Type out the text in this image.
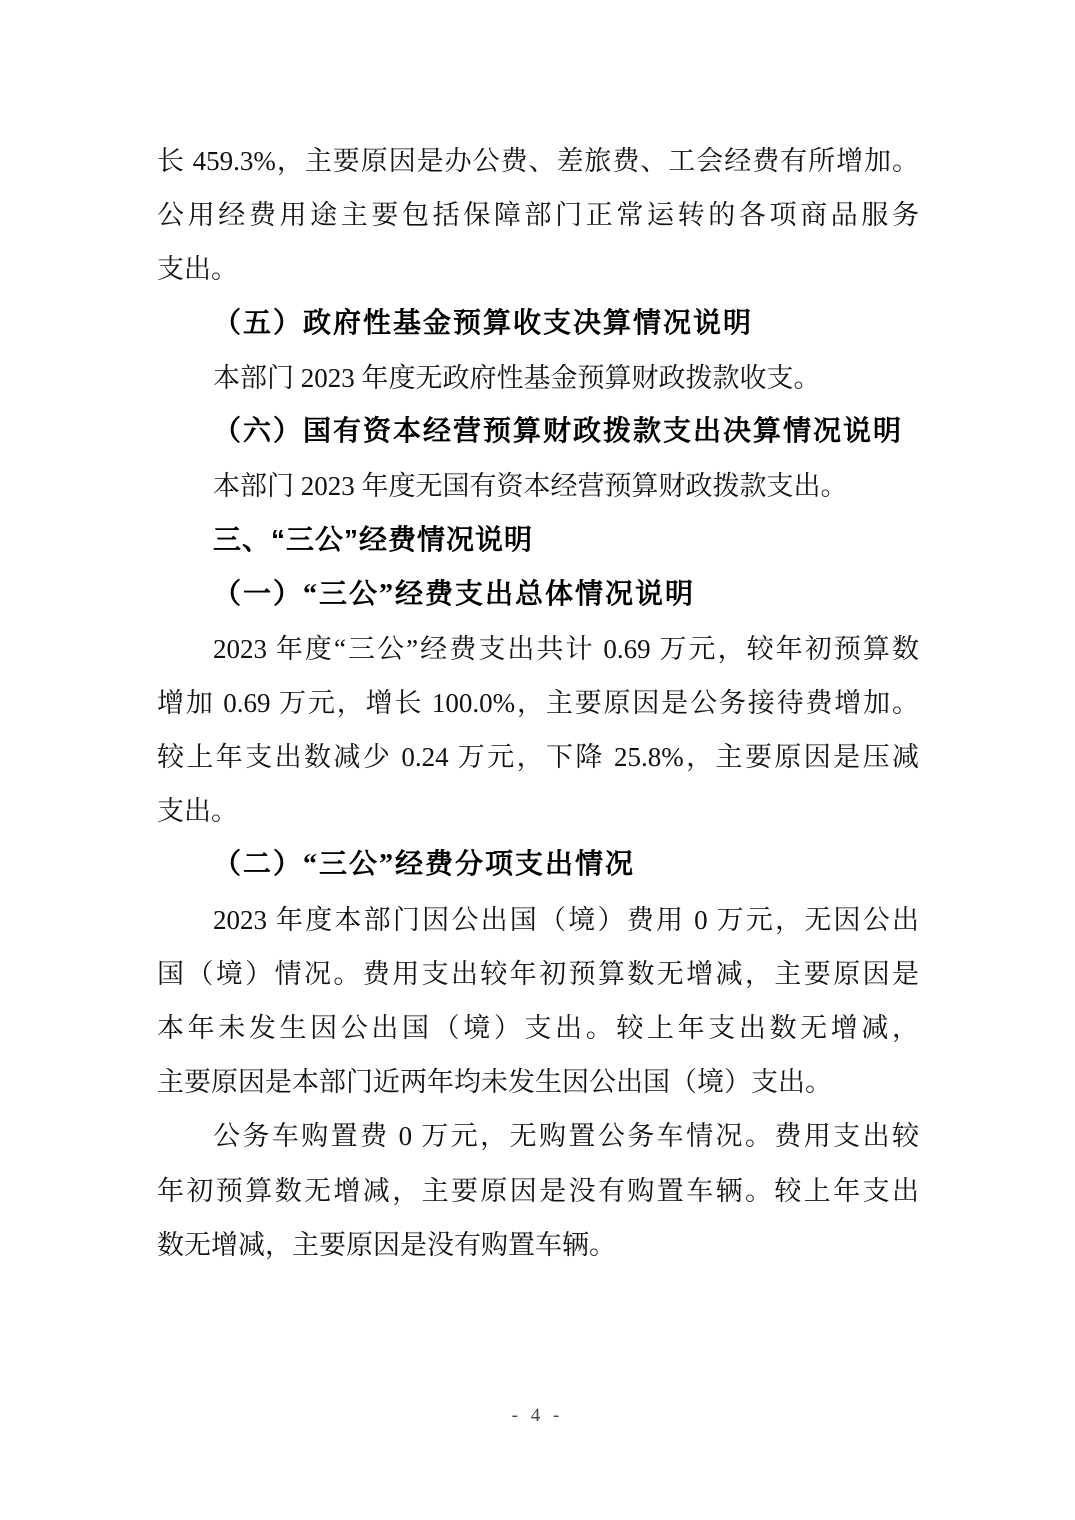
长 459.3%，主要原因是办公费、差旅费、工会经费有所增加。
公用经费用途主要包括保障部门正常运转的各项商品服务
支出。
（五）政府性基金预算收支决算情况说明
本部门 2023 年度无政府性基金预算财政拨款收支。
（六）国有资本经营预算财政拨款支出决算情况说明
本部门 2023 年度无国有资本经营预算财政拨款支出。
三、“三公”经费情况说明
（一）“三公”经费支出总体情况说明
2023 年度“三公”经费支出共计 0.69 万元，较年初预算数
增加 0.69 万元，增长 100.0%，主要原因是公务接待费增加。
较上年支出数减少 0.24 万元，下降 25.8%，主要原因是压减
支出。
（二）“三公”经费分项支出情况
2023 年度本部门因公出国（境）费用 0 万元，无因公出
国（境）情况。费用支出较年初预算数无增减，主要原因是
本年未发生因公出国（境）支出。较上年支出数无增减，
主要原因是本部门近两年均未发生因公出国（境）支出。
公务车购置费 0 万元，无购置公务车情况。费用支出较
年初预算数无增减，主要原因是没有购置车辆。较上年支出
数无增减，主要原因是没有购置车辆。
- 4 -
